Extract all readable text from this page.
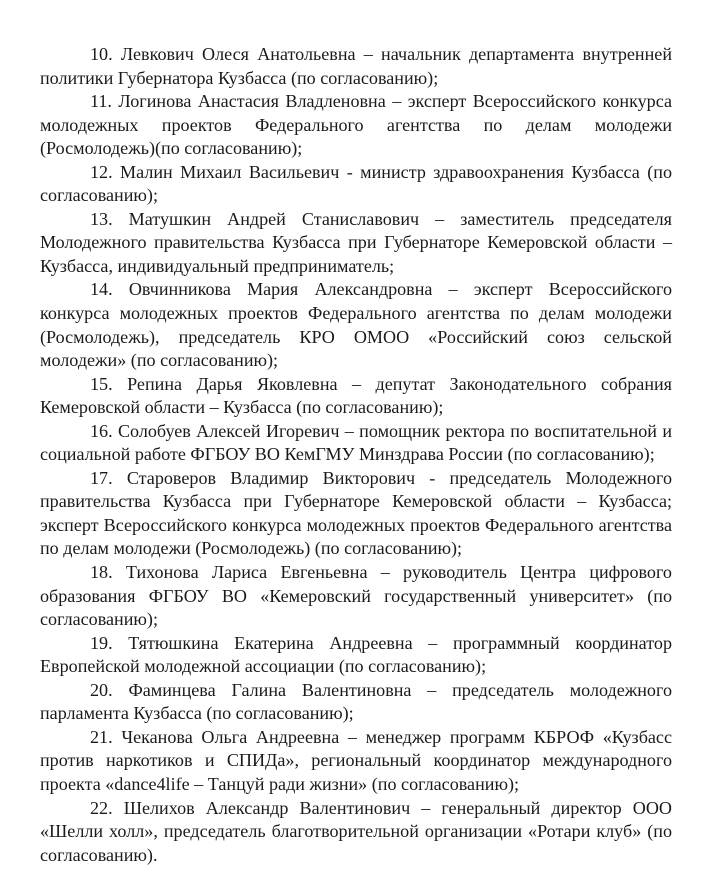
10. Левкович Олеся Анатольевна – начальник департамента внутренней политики Губернатора Кузбасса (по согласованию);

11. Логинова Анастасия Владленовна – эксперт Всероссийского конкурса молодежных проектов Федерального агентства по делам молодежи (Росмолодежь)(по согласованию);

12. Малин Михаил Васильевич - министр здравоохранения Кузбасса (по согласованию);

13. Матушкин Андрей Станиславович – заместитель председателя Молодежного правительства Кузбасса при Губернаторе Кемеровской области – Кузбасса, индивидуальный предприниматель;

14. Овчинникова Мария Александровна – эксперт Всероссийского конкурса молодежных проектов Федерального агентства по делам молодежи (Росмолодежь), председатель КРО ОМОО «Российский союз сельской молодежи» (по согласованию);

15. Репина Дарья Яковлевна – депутат Законодательного собрания Кемеровской области – Кузбасса (по согласованию);

16. Солобуев Алексей Игоревич – помощник ректора по воспитательной и социальной работе ФГБОУ ВО КемГМУ Минздрава России (по согласованию);

17. Староверов Владимир Викторович - председатель Молодежного правительства Кузбасса при Губернаторе Кемеровской области – Кузбасса; эксперт Всероссийского конкурса молодежных проектов Федерального агентства по делам молодежи (Росмолодежь) (по согласованию);

18. Тихонова Лариса Евгеньевна – руководитель Центра цифрового образования ФГБОУ ВО «Кемеровский государственный университет» (по согласованию);

19. Тятюшкина Екатерина Андреевна – программный координатор Европейской молодежной ассоциации (по согласованию);

20. Фаминцева Галина Валентиновна – председатель молодежного парламента Кузбасса (по согласованию);

21. Чеканова Ольга Андреевна – менеджер программ КБРОФ «Кузбасс против наркотиков и СПИДа», региональный координатор международного проекта «dance4life – Танцуй ради жизни» (по согласованию);

22. Шелихов Александр Валентинович – генеральный директор ООО «Шелли холл», председатель благотворительной организации «Ротари клуб» (по согласованию).
